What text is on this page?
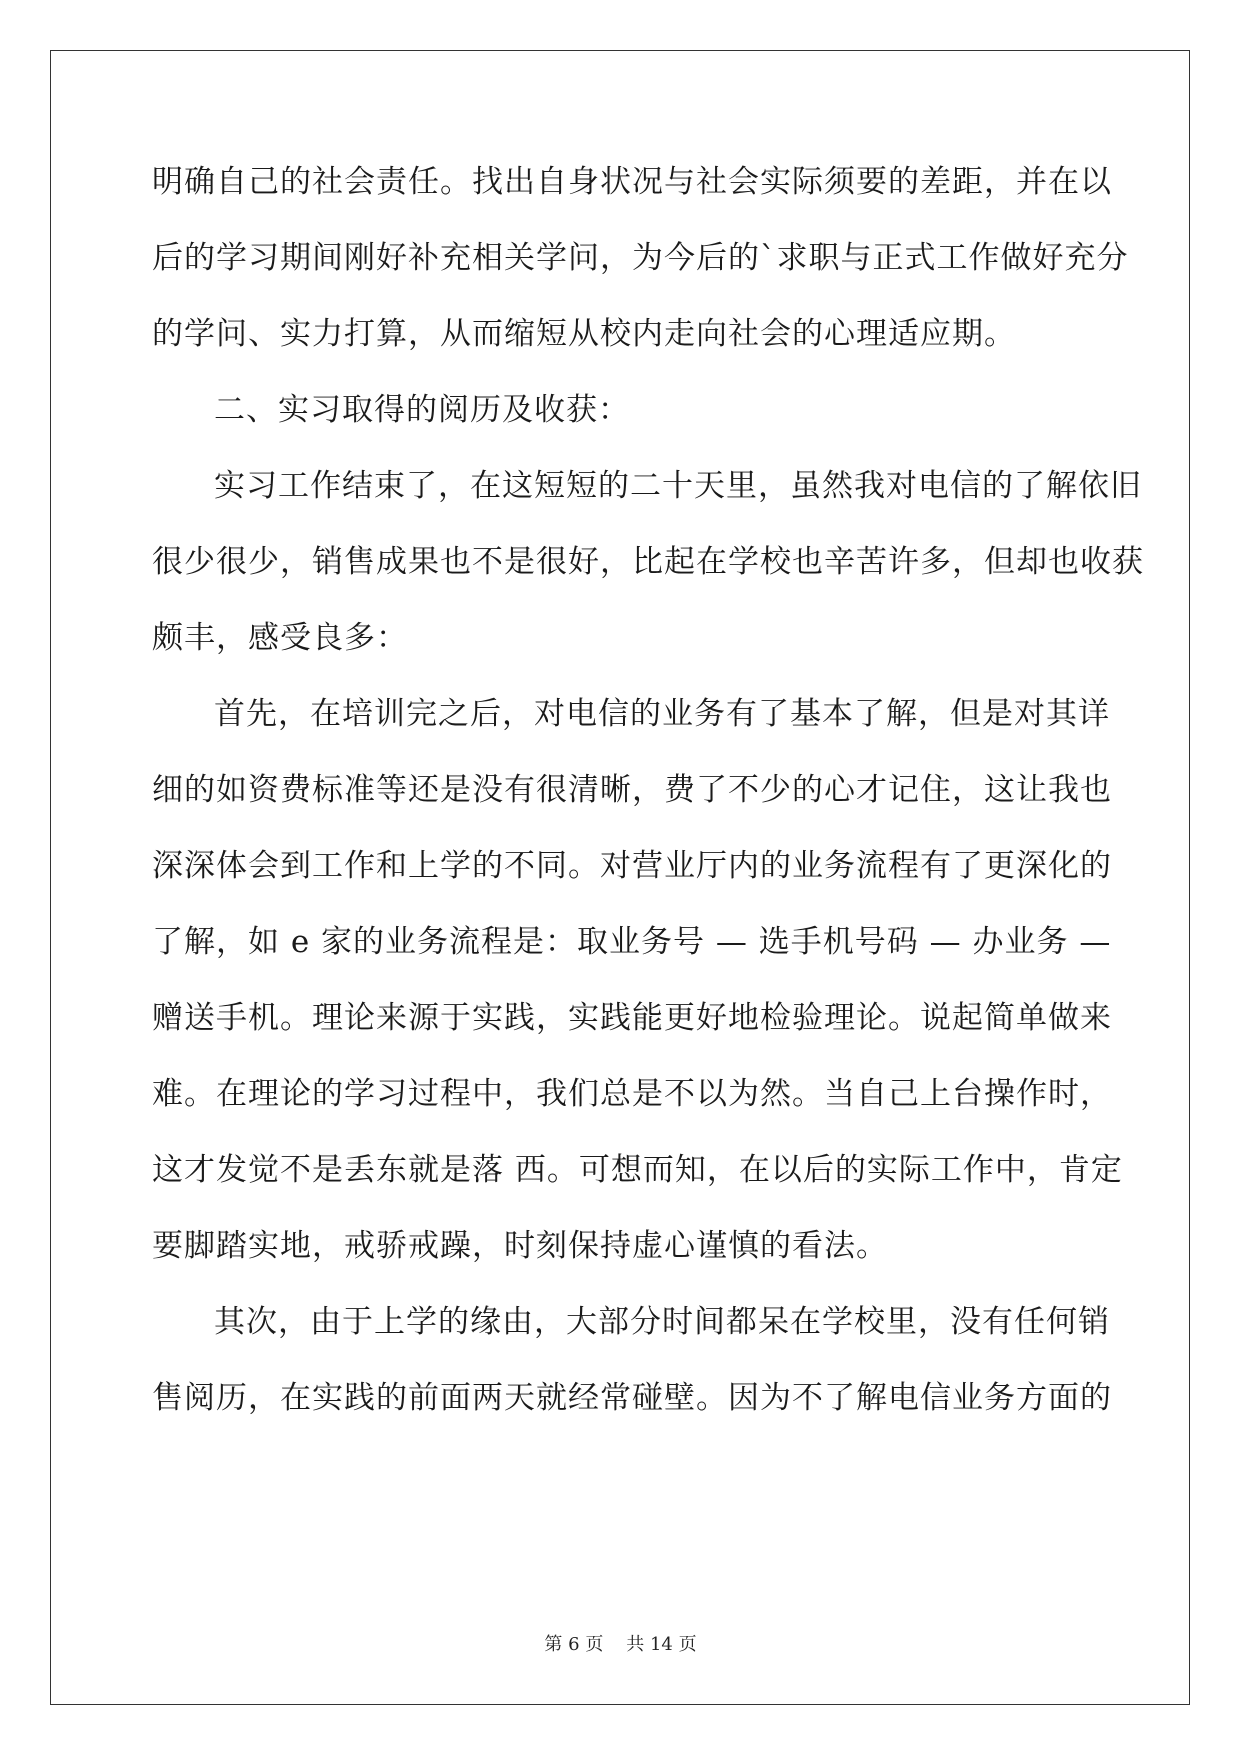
明确自己的社会责任。找出自身状况与社会实际须要的差距，并在以
后的学习期间刚好补充相关学问，为今后的`求职与正式工作做好充分
的学问、实力打算，从而缩短从校内走向社会的心理适应期。
二、实习取得的阅历及收获：
实习工作结束了，在这短短的二十天里，虽然我对电信的了解依旧
很少很少，销售成果也不是很好，比起在学校也辛苦许多，但却也收获
颇丰，感受良多：
首先，在培训完之后，对电信的业务有了基本了解，但是对其详
细的如资费标准等还是没有很清晰，费了不少的心才记住，这让我也
深深体会到工作和上学的不同。对营业厅内的业务流程有了更深化的
了解，如 e 家的业务流程是：取业务号 — 选手机号码 — 办业务 —
赠送手机。理论来源于实践，实践能更好地检验理论。说起简单做来
难。在理论的学习过程中，我们总是不以为然。当自己上台操作时，
这才发觉不是丢东就是落 西。可想而知，在以后的实际工作中，肯定
要脚踏实地，戒骄戒躁，时刻保持虚心谨慎的看法。
其次，由于上学的缘由，大部分时间都呆在学校里，没有任何销
售阅历，在实践的前面两天就经常碰壁。因为不了解电信业务方面的
第 6 页 共 14 页
